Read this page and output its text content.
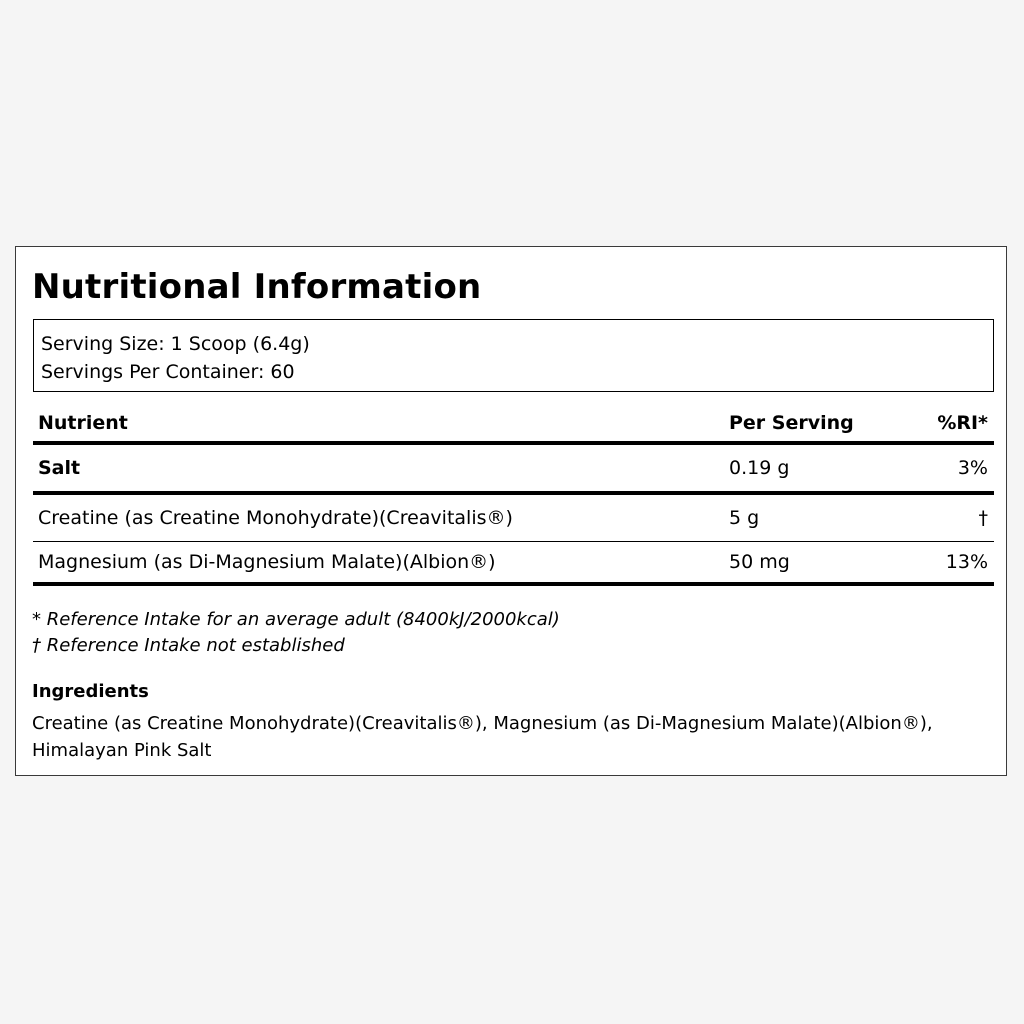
Nutritional Information
Serving Size: 1 Scoop (6.4g)
Servings Per Container: 60
Nutrient	Per Serving	%RI*
Salt	0.19 g	3%
Creatine (as Creatine Monohydrate)(Creavitalis®)	5 g	†
Magnesium (as Di-Magnesium Malate)(Albion®)	50 mg	13%
* Reference Intake for an average adult (8400kJ/2000kcal)
† Reference Intake not established
Ingredients
Creatine (as Creatine Monohydrate)(Creavitalis®), Magnesium (as Di-Magnesium Malate)(Albion®), Himalayan Pink Salt
